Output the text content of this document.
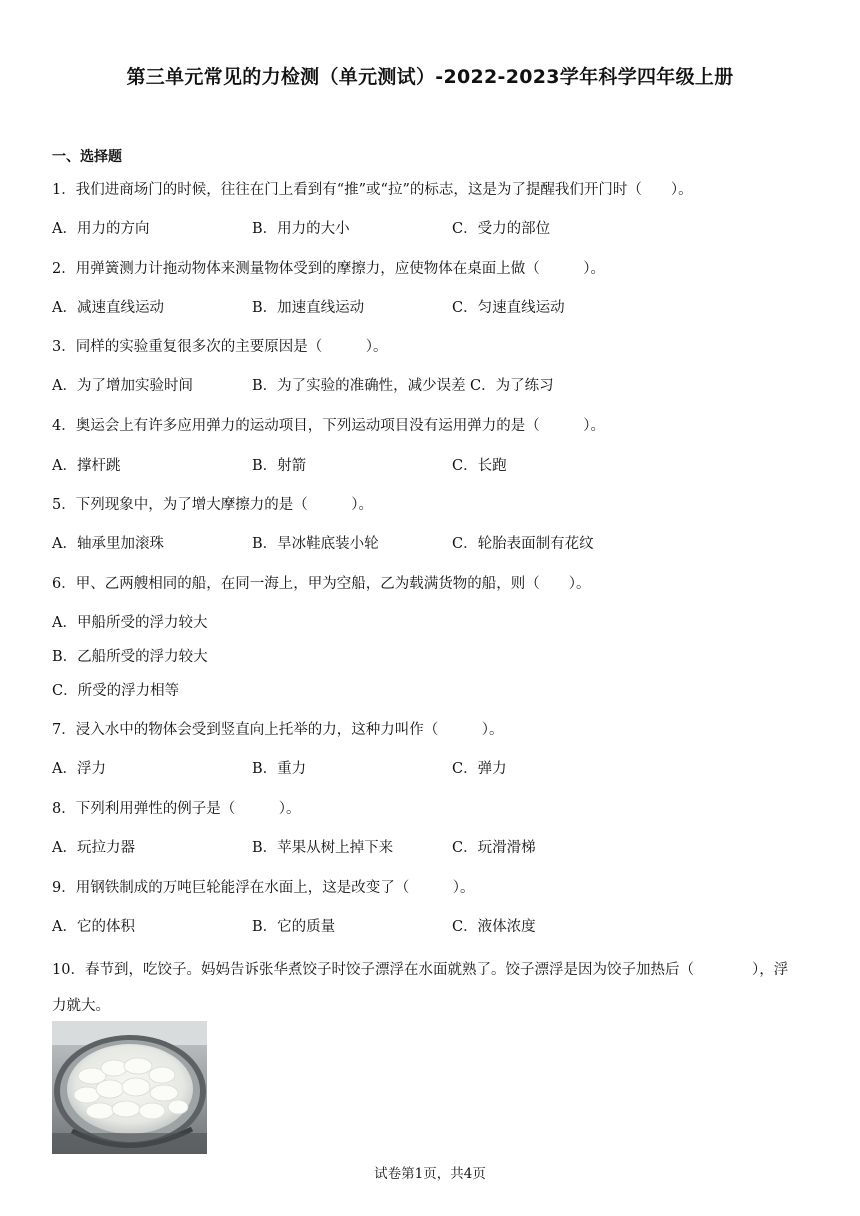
第三单元常见的力检测（单元测试）-2022-2023学年科学四年级上册
一、选择题
1．我们进商场门的时候，往往在门上看到有“推”或“拉”的标志，这是为了提醒我们开门时（　　）。
A．用力的方向	B．用力的大小	C．受力的部位
2．用弹簧测力计拖动物体来测量物体受到的摩擦力，应使物体在桌面上做（　　　）。
A．减速直线运动	B．加速直线运动	C．匀速直线运动
3．同样的实验重复很多次的主要原因是（　　　）。
A．为了增加实验时间	B．为了实验的准确性，减少误差 C．为了练习
4．奥运会上有许多应用弹力的运动项目，下列运动项目没有运用弹力的是（　　　）。
A．撑杆跳	B．射箭	C．长跑
5．下列现象中，为了增大摩擦力的是（　　　）。
A．轴承里加滚珠	B．旱冰鞋底装小轮	C．轮胎表面制有花纹
6．甲、乙两艘相同的船，在同一海上，甲为空船，乙为载满货物的船，则（　　）。
A．甲船所受的浮力较大
B．乙船所受的浮力较大
C．所受的浮力相等
7．浸入水中的物体会受到竖直向上托举的力，这种力叫作（　　　）。
A．浮力	B．重力	C．弹力
8．下列利用弹性的例子是（　　　）。
A．玩拉力器	B．苹果从树上掉下来	C．玩滑滑梯
9．用钢铁制成的万吨巨轮能浮在水面上，这是改变了（　　　）。
A．它的体积	B．它的质量	C．液体浓度
10．春节到，吃饺子。妈妈告诉张华煮饺子时饺子漂浮在水面就熟了。饺子漂浮是因为饺子加热后（　　　　），浮力就大。
试卷第1页，共4页
